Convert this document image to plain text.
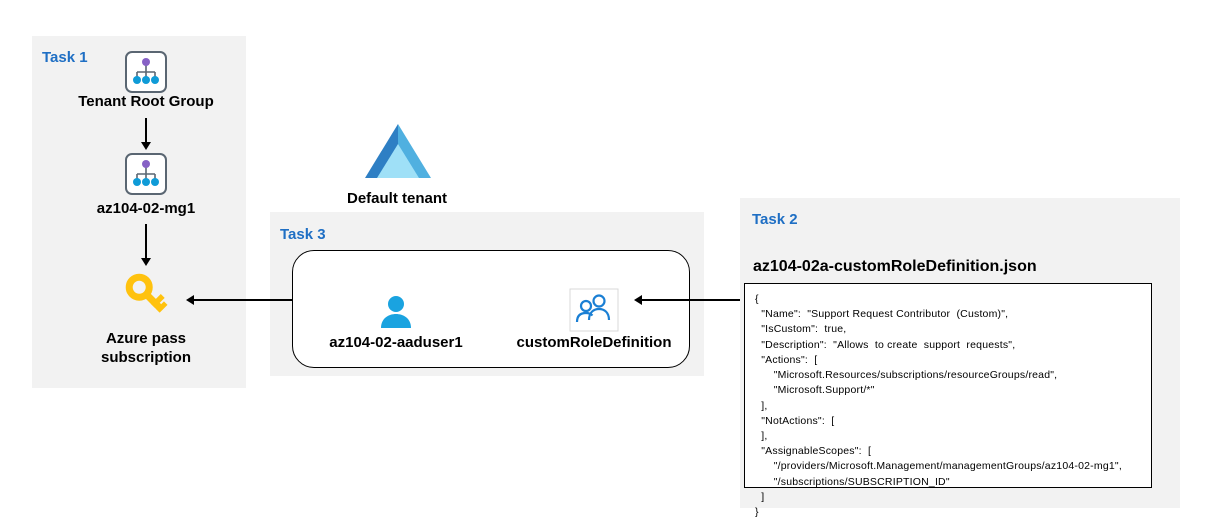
Task 1
Tenant Root Group
az104-02-mg1
Azure pass
subscription
Default tenant
Task 3
az104-02-aaduser1	customRoleDefinition
Task 2
az104-02a-customRoleDefinition.json
{
"Name":  "Support Request Contributor  (Custom)",
"IsCustom":  true,
"Description":  "Allows  to create  support  requests",
"Actions":  [
"Microsoft.Resources/subscriptions/resourceGroups/read",
"Microsoft.Support/*"
],
"NotActions":  [
],
"AssignableScopes":  [
"/providers/Microsoft.Management/managementGroups/az104-02-mg1",
"/subscriptions/SUBSCRIPTION_ID"
]
}
